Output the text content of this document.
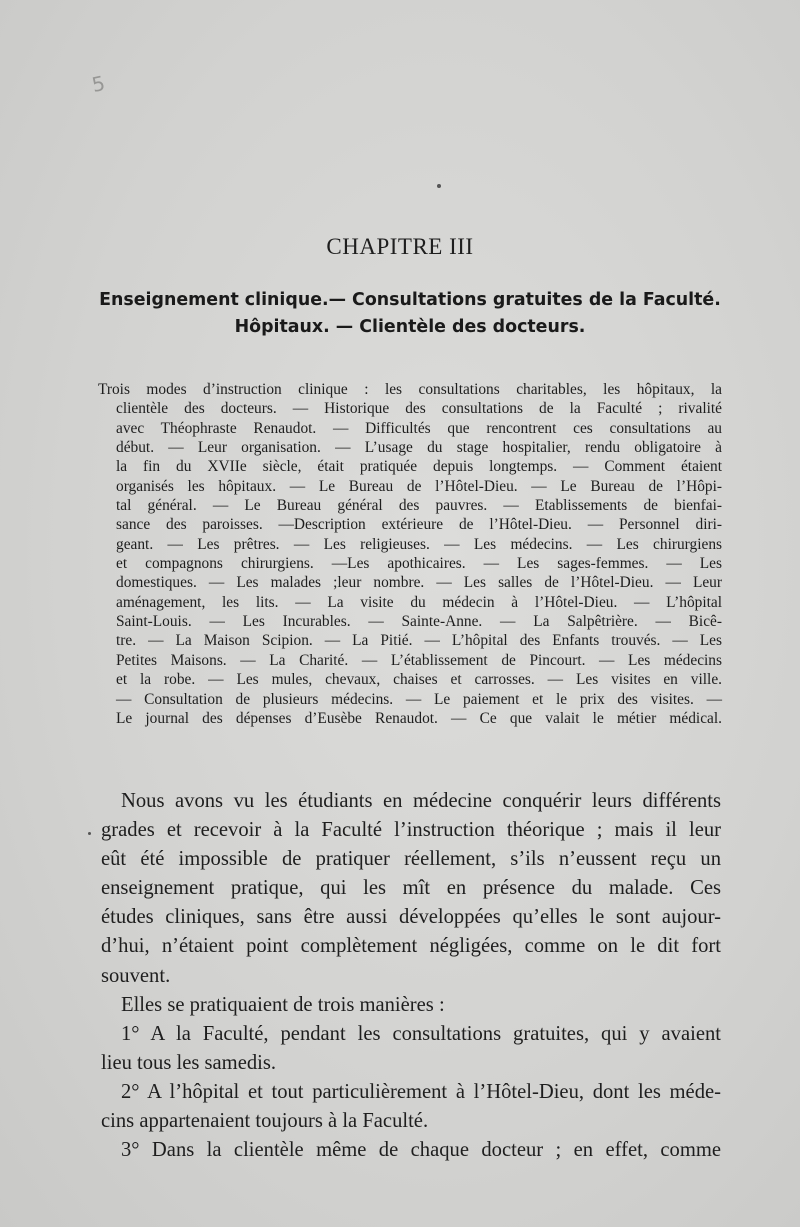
5
CHAPITRE III
Enseignement clinique.— Consultations gratuites de la Faculté.
Hôpitaux. — Clientèle des docteurs.
Trois modes d’instruction clinique : les consultations charitables, les hôpitaux, la
clientèle des docteurs. — Historique des consultations de la Faculté ; rivalité
avec Théophraste Renaudot. — Difficultés que rencontrent ces consultations au
début. — Leur organisation. — L’usage du stage hospitalier, rendu obligatoire à
la fin du XVIIe siècle, était pratiquée depuis longtemps. — Comment étaient
organisés les hôpitaux. — Le Bureau de l’Hôtel-Dieu. — Le Bureau de l’Hôpi-
tal général. — Le Bureau général des pauvres. — Etablissements de bienfai-
sance des paroisses. —Description extérieure de l’Hôtel-Dieu. — Personnel diri-
geant. — Les prêtres. — Les religieuses. — Les médecins. — Les chirurgiens
et compagnons chirurgiens. —Les apothicaires. — Les sages-femmes. — Les
domestiques. — Les malades ;leur nombre. — Les salles de l’Hôtel-Dieu. — Leur
aménagement, les lits. — La visite du médecin à l’Hôtel-Dieu. — L’hôpital
Saint-Louis. — Les Incurables. — Sainte-Anne. — La Salpêtrière. — Bicê-
tre. — La Maison Scipion. — La Pitié. — L’hôpital des Enfants trouvés. — Les
Petites Maisons. — La Charité. — L’établissement de Pincourt. — Les médecins
et la robe. — Les mules, chevaux, chaises et carrosses. — Les visites en ville.
— Consultation de plusieurs médecins. — Le paiement et le prix des visites. —
Le journal des dépenses d’Eusèbe Renaudot. — Ce que valait le métier médical.
Nous avons vu les étudiants en médecine conquérir leurs différents
grades et recevoir à la Faculté l’instruction théorique ; mais il leur
eût été impossible de pratiquer réellement, s’ils n’eussent reçu un
enseignement pratique, qui les mît en présence du malade. Ces
études cliniques, sans être aussi développées qu’elles le sont aujour-
d’hui, n’étaient point complètement négligées, comme on le dit fort
souvent.
Elles se pratiquaient de trois manières :
1° A la Faculté, pendant les consultations gratuites, qui y avaient
lieu tous les samedis.
2° A l’hôpital et tout particulièrement à l’Hôtel-Dieu, dont les méde-
cins appartenaient toujours à la Faculté.
3° Dans la clientèle même de chaque docteur ; en effet, comme
